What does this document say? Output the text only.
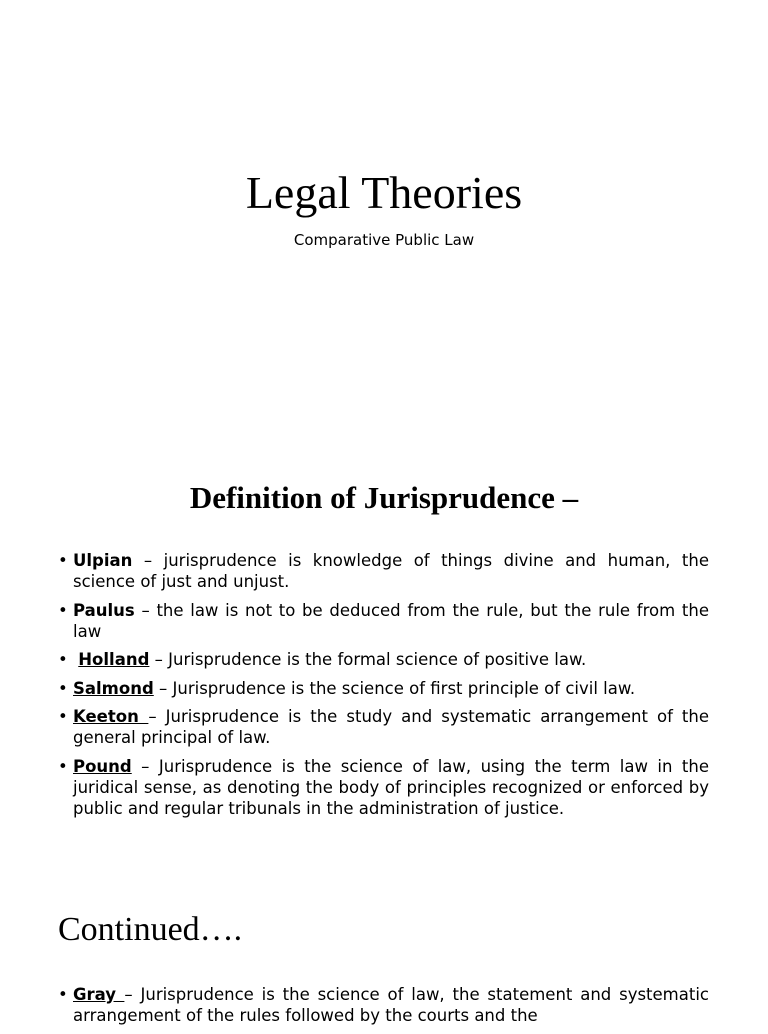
Legal Theories
Comparative Public Law
Definition of Jurisprudence –
• Ulpian – jurisprudence is knowledge of things divine and human, the science of just and unjust.
• Paulus – the law is not to be deduced from the rule, but the rule from the law
• Holland – Jurisprudence is the formal science of positive law.
• Salmond – Jurisprudence is the science of first principle of civil law.
• Keeton – Jurisprudence is the study and systematic arrangement of the general principal of law.
• Pound – Jurisprudence is the science of law, using the term law in the juridical sense, as denoting the body of principles recognized or enforced by public and regular tribunals in the administration of justice.
Continued….
• Gray – Jurisprudence is the science of law, the statement and systematic arrangement of the rules followed by the courts and the
